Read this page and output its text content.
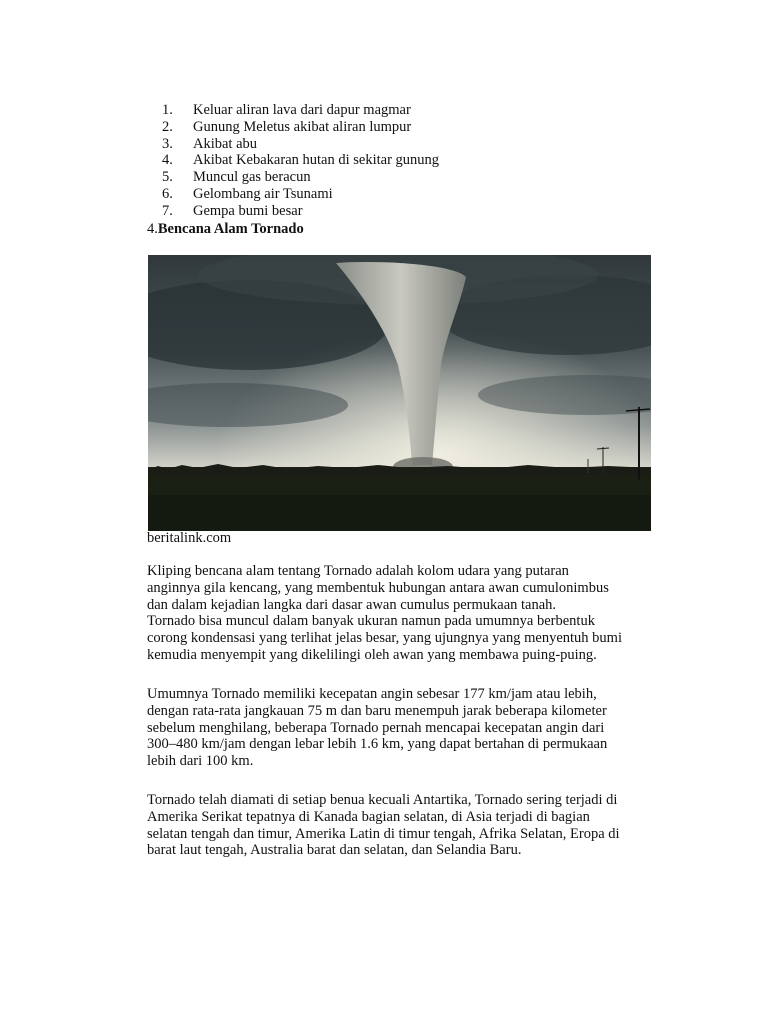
1.	Keluar aliran lava dari dapur magmar
2.	Gunung Meletus akibat aliran lumpur
3.	Akibat abu
4.	Akibat Kebakaran hutan di sekitar gunung
5.	Muncul gas beracun
6.	Gelombang air Tsunami
7.	Gempa bumi besar
4.Bencana Alam Tornado
beritalink.com

Kliping bencana alam tentang Tornado adalah kolom udara yang putaran
anginnya gila kencang, yang membentuk hubungan antara awan cumulonimbus
dan dalam kejadian langka dari dasar awan cumulus permukaan tanah.
Tornado bisa muncul dalam banyak ukuran namun pada umumnya berbentuk
corong kondensasi yang terlihat jelas besar, yang ujungnya yang menyentuh bumi
kemudia menyempit yang dikelilingi oleh awan yang membawa puing-puing.

Umumnya Tornado memiliki kecepatan angin sebesar 177 km/jam atau lebih,
dengan rata-rata jangkauan 75 m dan baru menempuh jarak beberapa kilometer
sebelum menghilang, beberapa Tornado pernah mencapai kecepatan angin dari
300–480 km/jam dengan lebar lebih 1.6 km, yang dapat bertahan di permukaan
lebih dari 100 km.

Tornado telah diamati di setiap benua kecuali Antartika, Tornado sering terjadi di
Amerika Serikat tepatnya di Kanada bagian selatan, di Asia terjadi di bagian
selatan tengah dan timur, Amerika Latin di timur tengah, Afrika Selatan, Eropa di
barat laut tengah, Australia barat dan selatan, dan Selandia Baru.
